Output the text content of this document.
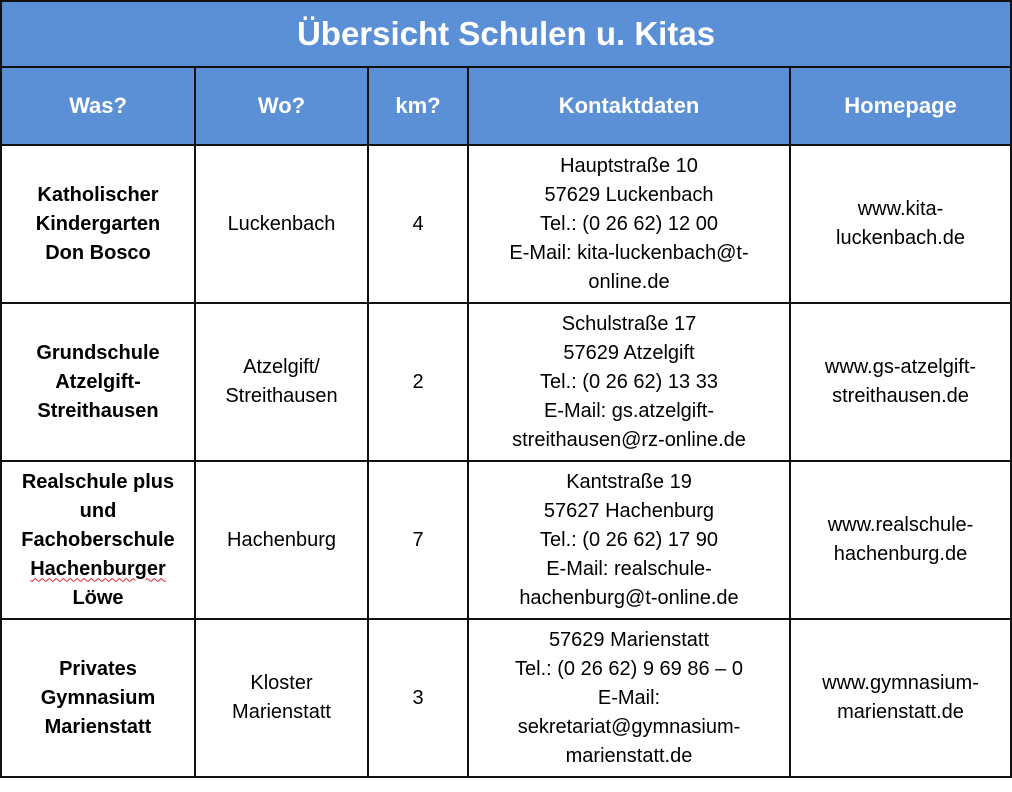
Übersicht Schulen u. Kitas				
Was?	Wo?	km?	Kontaktdaten	Homepage

Katholischer
Kindergarten
Don Bosco	Luckenbach	4	Hauptstraße 10
57629 Luckenbach
Tel.: (0 26 62) 12 00
E-Mail: kita-luckenbach@t-
online.de	www.kita-
luckenbach.de

Grundschule
Atzelgift-
Streithausen	Atzelgift/
Streithausen	2	Schulstraße 17
57629 Atzelgift
Tel.: (0 26 62) 13 33
E-Mail: gs.atzelgift-
streithausen@rz-online.de	www.gs-atzelgift-
streithausen.de

Realschule plus
und
Fachoberschule
Hachenburger
Löwe	Hachenburg	7	Kantstraße 19
57627 Hachenburg
Tel.: (0 26 62) 17 90
E-Mail: realschule-
hachenburg@t-online.de	www.realschule-
hachenburg.de

Privates
Gymnasium
Marienstatt	Kloster
Marienstatt	3	57629 Marienstatt
Tel.: (0 26 62) 9 69 86 – 0
E-Mail:
sekretariat@gymnasium-
marienstatt.de	www.gymnasium-
marienstatt.de
